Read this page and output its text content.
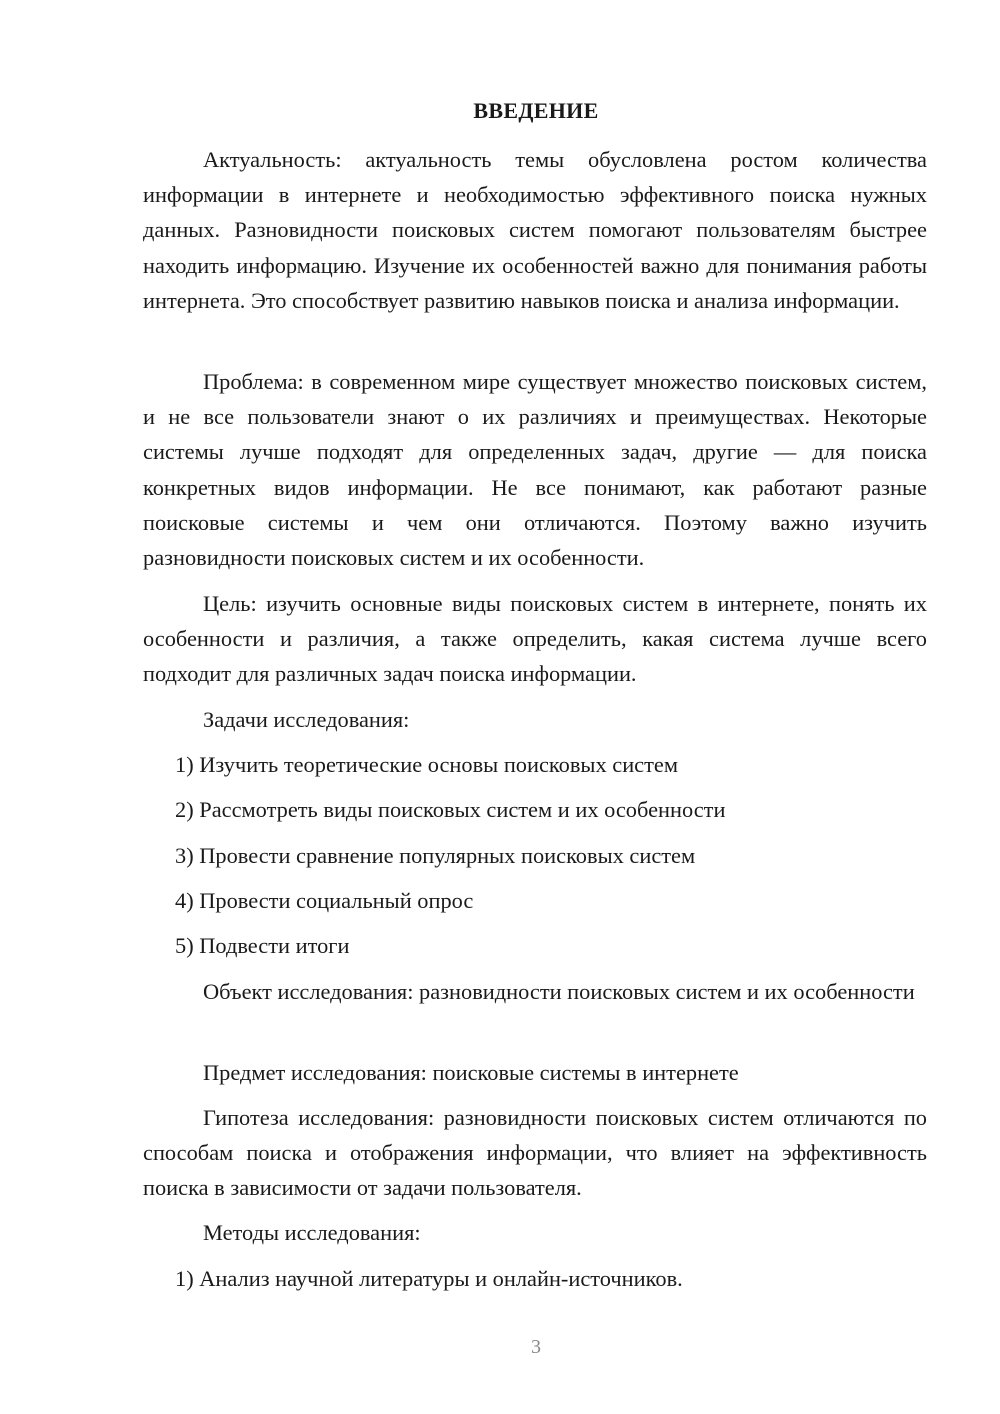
ВВЕДЕНИЕ

Актуальность: актуальность темы обусловлена ростом количества информации в интернете и необходимостью эффективного поиска нужных данных. Разновидности поисковых систем помогают пользователям быстрее находить информацию. Изучение их особенностей важно для понимания работы интернета. Это способствует развитию навыков поиска и анализа информации.

Проблема: в современном мире существует множество поисковых систем, и не все пользователи знают о их различиях и преимуществах. Некоторые системы лучше подходят для определенных задач, другие — для поиска конкретных видов информации. Не все понимают, как работают разные поисковые системы и чем они отличаются. Поэтому важно изучить разновидности поисковых систем и их особенности.

Цель: изучить основные виды поисковых систем в интернете, понять их особенности и различия, а также определить, какая система лучше всего подходит для различных задач поиска информации.

Задачи исследования:

1) Изучить теоретические основы поисковых систем

2) Рассмотреть виды поисковых систем и их особенности

3) Провести сравнение популярных поисковых систем

4) Провести социальный опрос

5) Подвести итоги

Объект исследования: разновидности поисковых систем и их особенности

Предмет исследования: поисковые системы в интернете

Гипотеза исследования: разновидности поисковых систем отличаются по способам поиска и отображения информации, что влияет на эффективность поиска в зависимости от задачи пользователя.

Методы исследования:

1) Анализ научной литературы и онлайн-источников.

3
